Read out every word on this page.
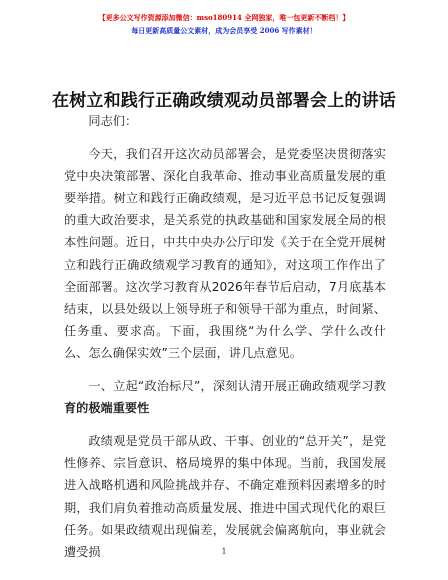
【更多公文写作资源添加微信：mso180914 全网独家，唯一包更新不断档！】
每日更新高质量公文素材，成为会员享受 2006 写作素材！
在树立和践行正确政绩观动员部署会上的讲话

同志们：

今天，我们召开这次动员部署会，是党委坚决贯彻落实党中央决策部署、深化自我革命、推动事业高质量发展的重要举措。树立和践行正确政绩观，是习近平总书记反复强调的重大政治要求，是关系党的执政基础和国家发展全局的根本性问题。近日，中共中央办公厅印发《关于在全党开展树立和践行正确政绩观学习教育的通知》，对这项工作作出了全面部署。这次学习教育从2026年春节后启动，7月底基本结束，以县处级以上领导班子和领导干部为重点，时间紧、任务重、要求高。下面，我围绕“为什么学、学什么改什么、怎么确保实效”三个层面，讲几点意见。

一、立起“政治标尺”，深刻认清开展正确政绩观学习教育的极端重要性

政绩观是党员干部从政、干事、创业的“总开关”，是党性修养、宗旨意识、格局境界的集中体现。当前，我国发展进入战略机遇和风险挑战并存、不确定难预料因素增多的时期，我们肩负着推动高质量发展、推进中国式现代化的艰巨任务。如果政绩观出现偏差，发展就会偏离航向，事业就会遭受损	1
